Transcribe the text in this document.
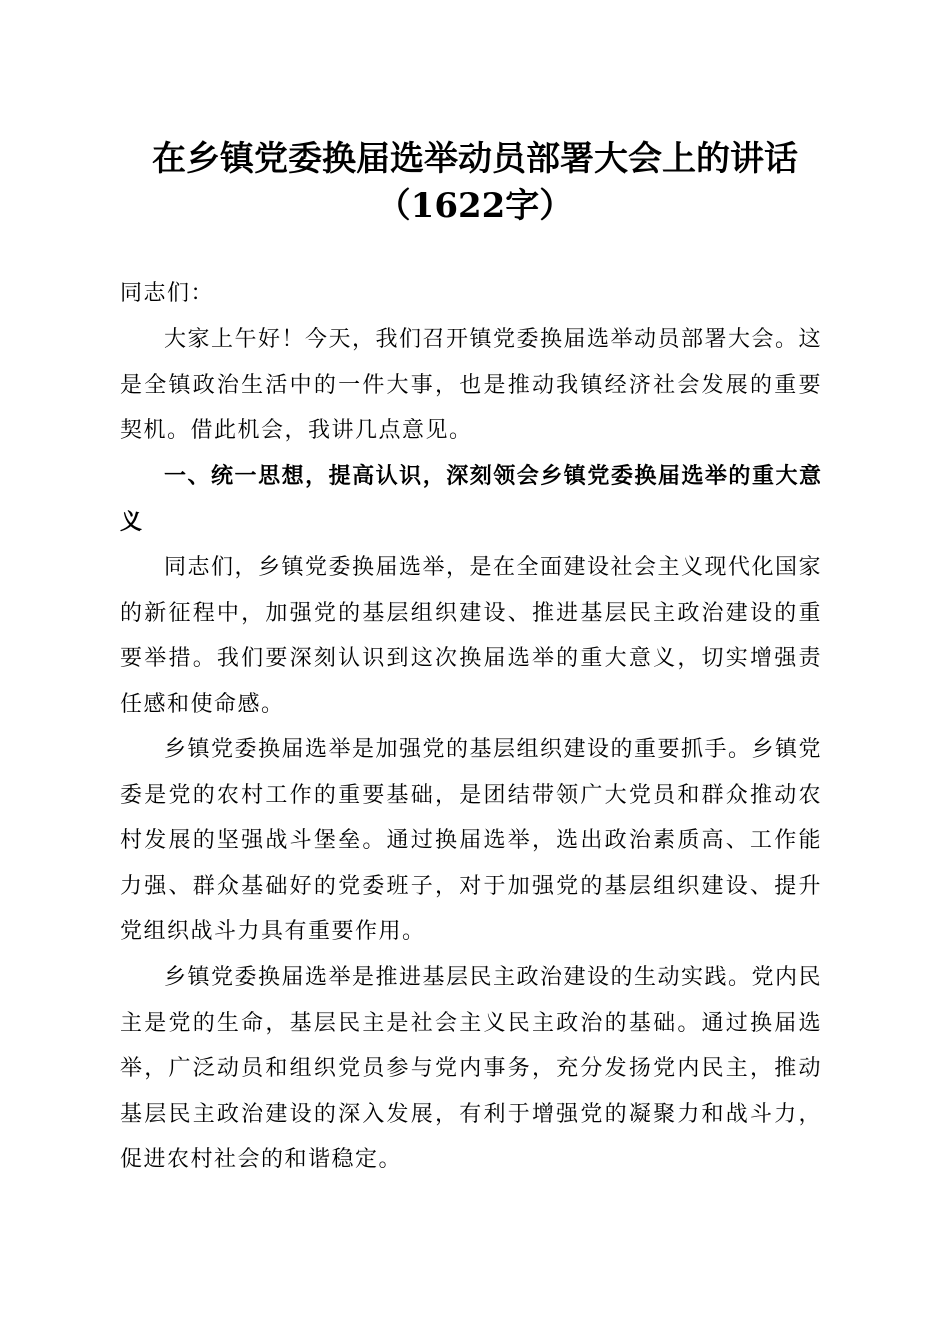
在乡镇党委换届选举动员部署大会上的讲话
（1622字）
同志们：
大家上午好！今天，我们召开镇党委换届选举动员部署大会。这是全镇政治生活中的一件大事，也是推动我镇经济社会发展的重要契机。借此机会，我讲几点意见。
一、统一思想，提高认识，深刻领会乡镇党委换届选举的重大意义
同志们，乡镇党委换届选举，是在全面建设社会主义现代化国家的新征程中，加强党的基层组织建设、推进基层民主政治建设的重要举措。我们要深刻认识到这次换届选举的重大意义，切实增强责任感和使命感。
乡镇党委换届选举是加强党的基层组织建设的重要抓手。乡镇党委是党的农村工作的重要基础，是团结带领广大党员和群众推动农村发展的坚强战斗堡垒。通过换届选举，选出政治素质高、工作能力强、群众基础好的党委班子，对于加强党的基层组织建设、提升党组织战斗力具有重要作用。
乡镇党委换届选举是推进基层民主政治建设的生动实践。党内民主是党的生命，基层民主是社会主义民主政治的基础。通过换届选举，广泛动员和组织党员参与党内事务，充分发扬党内民主，推动基层民主政治建设的深入发展，有利于增强党的凝聚力和战斗力，促进农村社会的和谐稳定。
